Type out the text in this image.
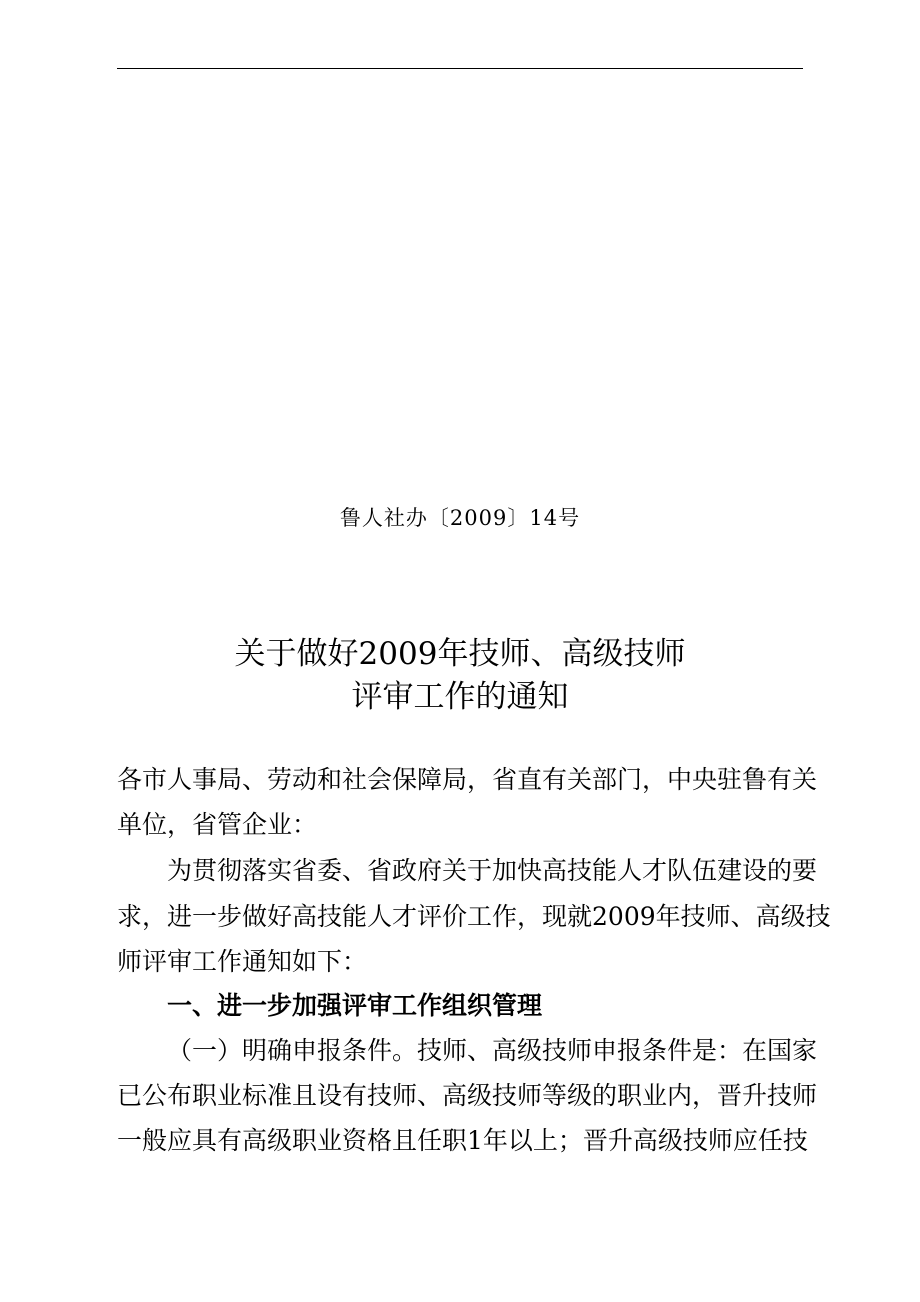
鲁人社办〔2009〕14号
关于做好2009年技师、高级技师
评审工作的通知
各市人事局、劳动和社会保障局，省直有关部门，中央驻鲁有关
单位，省管企业：
为贯彻落实省委、省政府关于加快高技能人才队伍建设的要
求，进一步做好高技能人才评价工作，现就2009年技师、高级技
师评审工作通知如下：
一、进一步加强评审工作组织管理
（一）明确申报条件。技师、高级技师申报条件是：在国家
已公布职业标准且设有技师、高级技师等级的职业内，晋升技师
一般应具有高级职业资格且任职1年以上；晋升高级技师应任技
